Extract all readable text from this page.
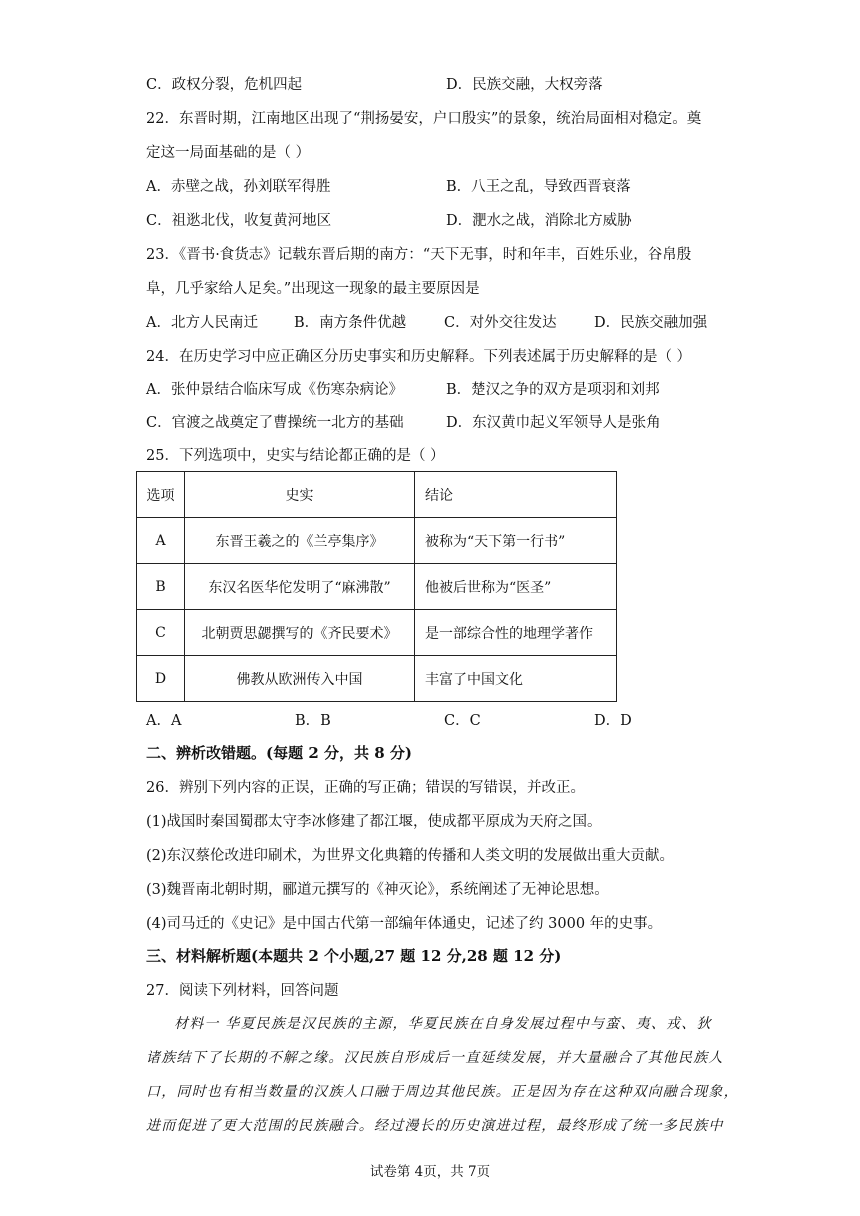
C．政权分裂，危机四起	D．民族交融，大权旁落
22．东晋时期，江南地区出现了“荆扬晏安，户口殷实”的景象，统治局面相对稳定。奠
定这一局面基础的是（ ）
A．赤壁之战，孙刘联军得胜	B．八王之乱，导致西晋衰落
C．祖逖北伐，收复黄河地区	D．淝水之战，消除北方威胁
23．《晋书·食货志》记载东晋后期的南方：“天下无事，时和年丰，百姓乐业，谷帛殷
阜，几乎家给人足矣。”出现这一现象的最主要原因是
A．北方人民南迁 B．南方条件优越	C．对外交往发达	D．民族交融加强
24．在历史学习中应正确区分历史事实和历史解释。下列表述属于历史解释的是（ ）
A．张仲景结合临床写成《伤寒杂病论》	B．楚汉之争的双方是项羽和刘邦
C．官渡之战奠定了曹操统一北方的基础	D．东汉黄巾起义军领导人是张角
25．下列选项中，史实与结论都正确的是（ ）
选项	史实	结论
A	东晋王羲之的《兰亭集序》	被称为“天下第一行书”
B	东汉名医华佗发明了“麻沸散”	他被后世称为“医圣”
C	北朝贾思勰撰写的《齐民要术》	是一部综合性的地理学著作
D	佛教从欧洲传入中国	丰富了中国文化
A．A	B．B	C．C	D．D
二、辨析改错题。(每题 2 分，共 8 分)
26．辨别下列内容的正误，正确的写正确；错误的写错误，并改正。
(1)战国时秦国蜀郡太守李冰修建了都江堰，使成都平原成为天府之国。
(2)东汉蔡伦改进印刷术，为世界文化典籍的传播和人类文明的发展做出重大贡献。
(3)魏晋南北朝时期，郦道元撰写的《神灭论》，系统阐述了无神论思想。
(4)司马迁的《史记》是中国古代第一部编年体通史，记述了约 3000 年的史事。
三、材料解析题(本题共 2 个小题,27 题 12 分,28 题 12 分)
27．阅读下列材料，回答问题
材料一 华夏民族是汉民族的主源，华夏民族在自身发展过程中与蛮、夷、戎、狄
诸族结下了长期的不解之缘。汉民族自形成后一直延续发展，并大量融合了其他民族人
口，同时也有相当数量的汉族人口融于周边其他民族。正是因为存在这种双向融合现象，
进而促进了更大范围的民族融合。经过漫长的历史演进过程，最终形成了统一多民族中
试卷第 4页，共 7页
